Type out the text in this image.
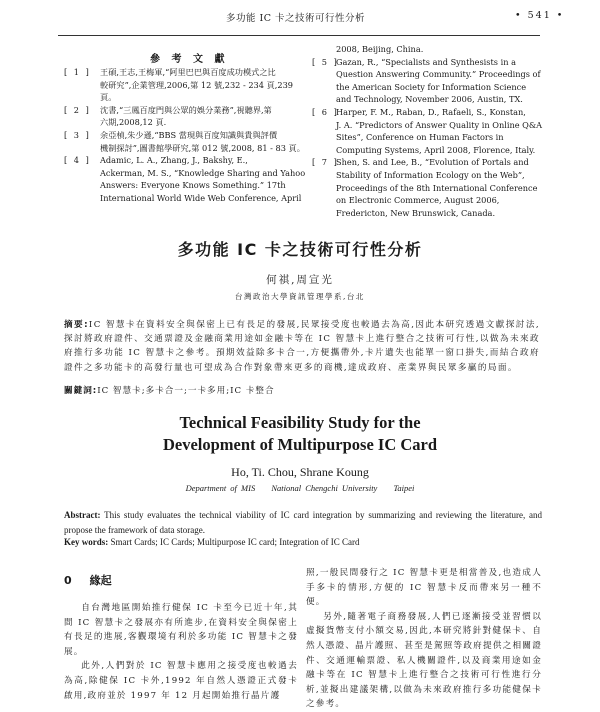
多功能 IC 卡之技術可行性分析	• 541 •
參 考 文 獻
[ 1 ]	王碩,王志,王梅軍,“阿里巴巴與百度成功模式之比
較研究”,企業管理,2006,第 12 號,232 - 234 頁,239 頁。
[ 2 ]	沈書,“三鳳百度門與公眾的娛分業務”,視聽界,第
六期,2008,12 頁.
[ 3 ]	余亞楨,朱少遜,“BBS 當現與百度知識與貴與評價
機制探討”,圖書館學研究,第 012 號,2008, 81 - 83 頁。
[ 4 ]	Adamic, L. A., Zhang, J., Bakshy, E.,
Ackerman, M. S., “Knowledge Sharing and Yahoo Answers: Everyone Knows Something.” 17th International World Wide Web Conference, April
2008, Beijing, China.
[ 5 ]
Gazan, R., “Specialists and Synthesists in a
Question Answering Community.” Proceedings of the American Society for Information Science and Technology, November 2006, Austin, TX.
[ 6 ]
Harper, F. M., Raban, D., Rafaeli, S., Konstan,
J. A. “Predictors of Answer Quality in Online Q&A Sites”, Conference on Human Factors in Computing Systems, April 2008, Florence, Italy.
[ 7 ]
Shen, S. and Lee, B., “Evolution of Portals and
Stability of Information Ecology on the Web”, Proceedings of the 8th International Conference on Electronic Commerce, August 2006, Fredericton, New Brunswick, Canada.
多功能 IC 卡之技術可行性分析
何祺,周宣光
台灣政治大學資訊管理學系,台北
摘要:IC 智慧卡在資料安全與保密上已有長足的發展,民眾接受度也較過去為高,因此本研究透過文獻探討法,探討將政府證件、交通票證及金融商業用途如金融卡等在 IC 智慧卡上進行整合之技術可行性,以做為未來政府推行多功能 IC 智慧卡之參考。預期效益除多卡合一,方便攜帶外,卡片遺失也能單一窗口掛失,而結合政府證件之多功能卡的高發行量也可望成為合作對象帶來更多的商機,達成政府、產業界與民眾多贏的局面。
關鍵詞:IC 智慧卡;多卡合一;一卡多用;IC 卡整合
Technical Feasibility Study for the
Development of Multipurpose IC Card
Ho, Ti. Chou, Shrane Koung
Department of MIS National Chengchi University Taipei
Abstract: This study evaluates the technical viability of IC card integration by summarizing and reviewing the literature, and propose the framework of data storage.
Key words: Smart Cards; IC Cards; Multipurpose IC card; Integration of IC Card
0 緣起

自台灣地區開始推行健保 IC 卡至今已近十年,其間 IC 智慧卡之發展亦有所進步,在資料安全與保密上有長足的進展,客觀環境有利於多功能 IC 智慧卡之發展。

此外,人們對於 IC 智慧卡應用之接受度也較過去為高,除健保 IC 卡外,1992 年自然人憑證正式發卡啟用,政府並於 1997 年 12 月起開始推行晶片護

照,一般民間發行之 IC 智慧卡更是相當普及,也造成人手多卡的情形,方便的 IC 智慧卡反而帶來另一種不便。

另外,隨著電子商務發展,人們已逐漸接受並習慣以虛擬貨幣支付小額交易,因此,本研究將針對健保卡、自然人憑證、晶片護照、甚至是駕照等政府提供之相關證件、交通運輸票證、私人機關證件,以及商業用途如金融卡等在 IC 智慧卡上進行整合之技術可行性進行分析,並擬出建議架構,以做為未來政府推行多功能健保卡之參考。
